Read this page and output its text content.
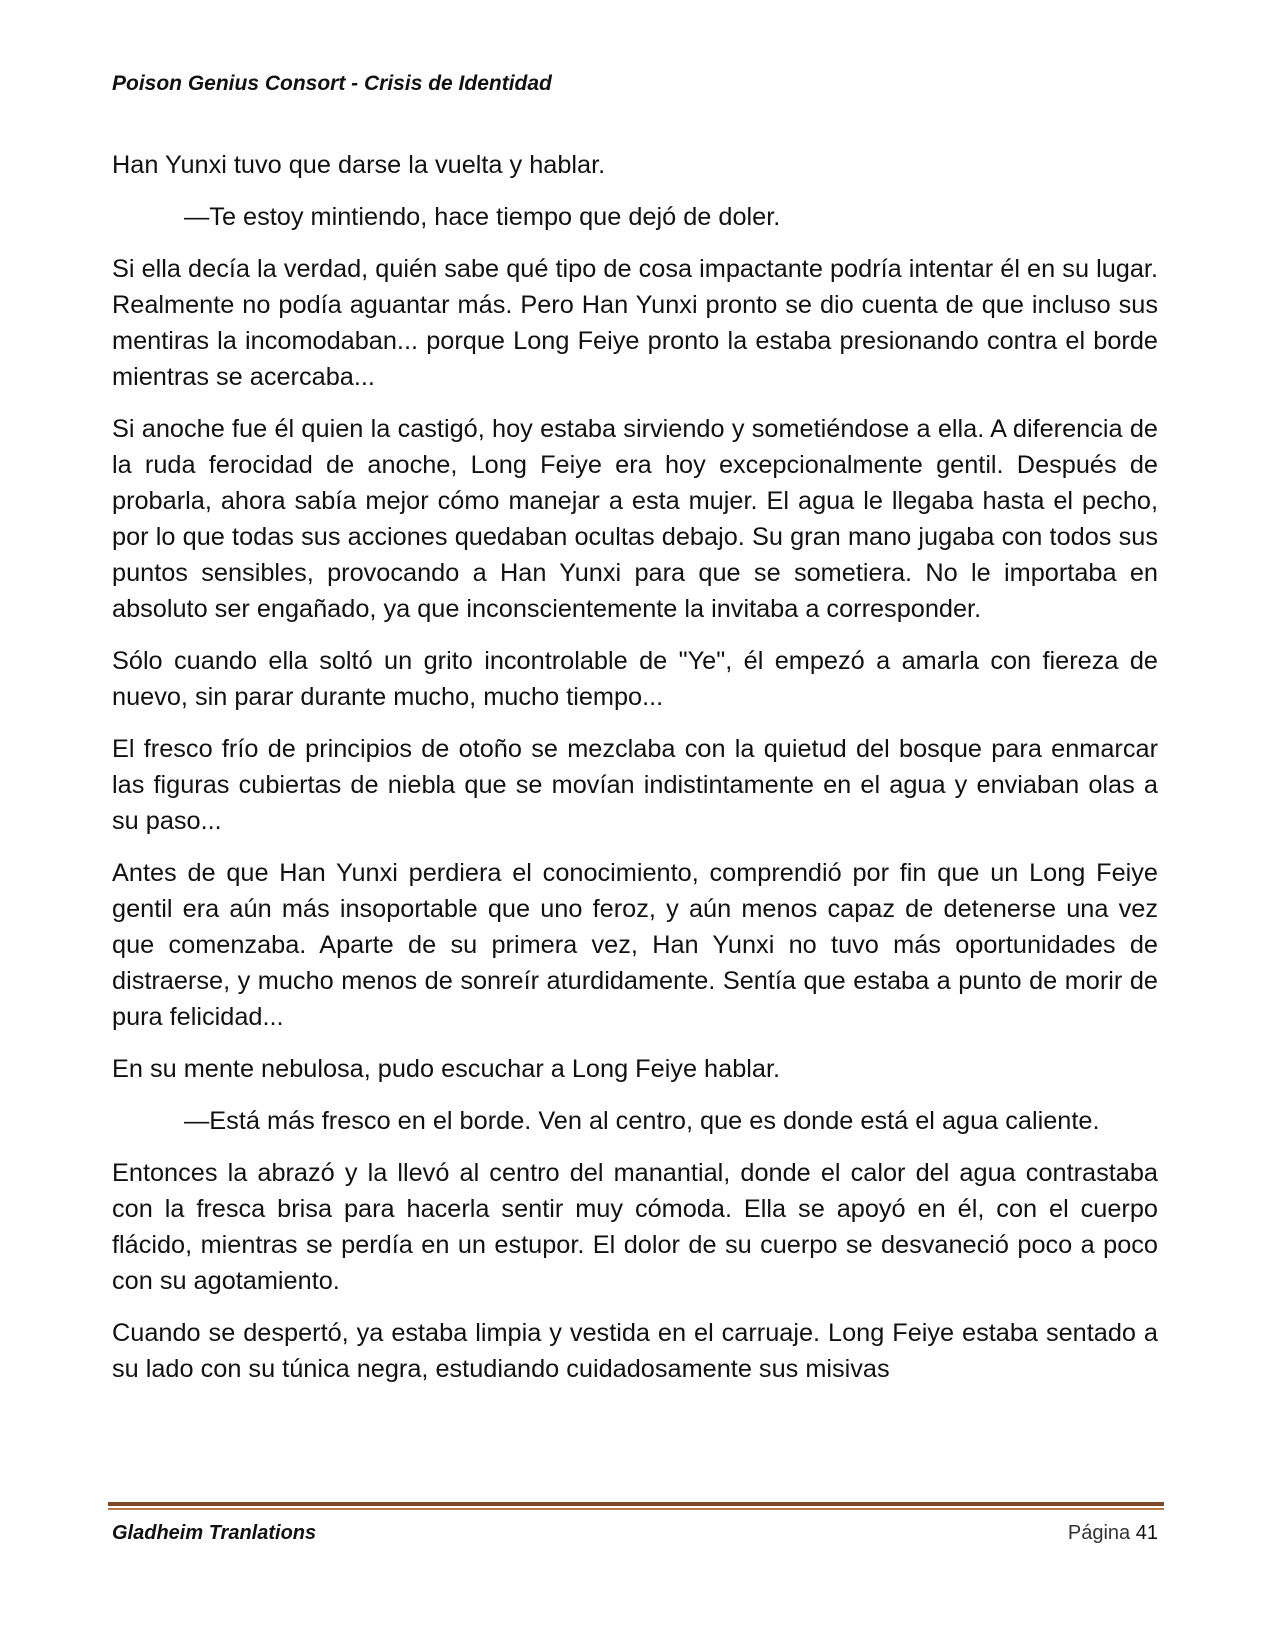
Poison Genius Consort - Crisis de Identidad

Han Yunxi tuvo que darse la vuelta y hablar.

—Te estoy mintiendo, hace tiempo que dejó de doler.

Si ella decía la verdad, quién sabe qué tipo de cosa impactante podría intentar él en su lugar. Realmente no podía aguantar más. Pero Han Yunxi pronto se dio cuenta de que incluso sus mentiras la incomodaban... porque Long Feiye pronto la estaba presionando contra el borde mientras se acercaba...

Si anoche fue él quien la castigó, hoy estaba sirviendo y sometiéndose a ella. A diferencia de la ruda ferocidad de anoche, Long Feiye era hoy excepcionalmente gentil. Después de probarla, ahora sabía mejor cómo manejar a esta mujer. El agua le llegaba hasta el pecho, por lo que todas sus acciones quedaban ocultas debajo. Su gran mano jugaba con todos sus puntos sensibles, provocando a Han Yunxi para que se sometiera. No le importaba en absoluto ser engañado, ya que inconscientemente la invitaba a corresponder.

Sólo cuando ella soltó un grito incontrolable de "Ye", él empezó a amarla con fiereza de nuevo, sin parar durante mucho, mucho tiempo...

El fresco frío de principios de otoño se mezclaba con la quietud del bosque para enmarcar las figuras cubiertas de niebla que se movían indistintamente en el agua y enviaban olas a su paso...

Antes de que Han Yunxi perdiera el conocimiento, comprendió por fin que un Long Feiye gentil era aún más insoportable que uno feroz, y aún menos capaz de detenerse una vez que comenzaba. Aparte de su primera vez, Han Yunxi no tuvo más oportunidades de distraerse, y mucho menos de sonreír aturdidamente. Sentía que estaba a punto de morir de pura felicidad...

En su mente nebulosa, pudo escuchar a Long Feiye hablar.

—Está más fresco en el borde. Ven al centro, que es donde está el agua caliente.

Entonces la abrazó y la llevó al centro del manantial, donde el calor del agua contrastaba con la fresca brisa para hacerla sentir muy cómoda. Ella se apoyó en él, con el cuerpo flácido, mientras se perdía en un estupor. El dolor de su cuerpo se desvaneció poco a poco con su agotamiento.

Cuando se despertó, ya estaba limpia y vestida en el carruaje. Long Feiye estaba sentado a su lado con su túnica negra, estudiando cuidadosamente sus misivas

Gladheim Tranlations	Página 41
